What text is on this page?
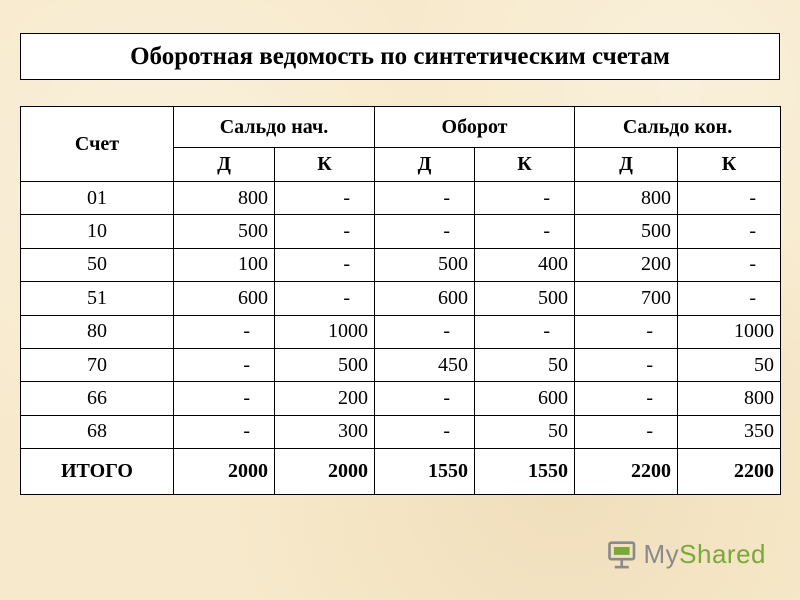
Оборотная ведомость по синтетическим счетам
Счет	Сальдо нач.		Оборот		Сальдо кон.	
	Д	К	Д	К	Д	К
01	800	-	-	-	800	-
10	500	-	-	-	500	-
50	100	-	500	400	200	-
51	600	-	600	500	700	-
80	-	1000	-	-	-	1000
70	-	500	450	50	-	50
66	-	200	-	600	-	800
68	-	300	-	50	-	350
ИТОГО	2000	2000	1550	1550	2200	2200
MyShared
